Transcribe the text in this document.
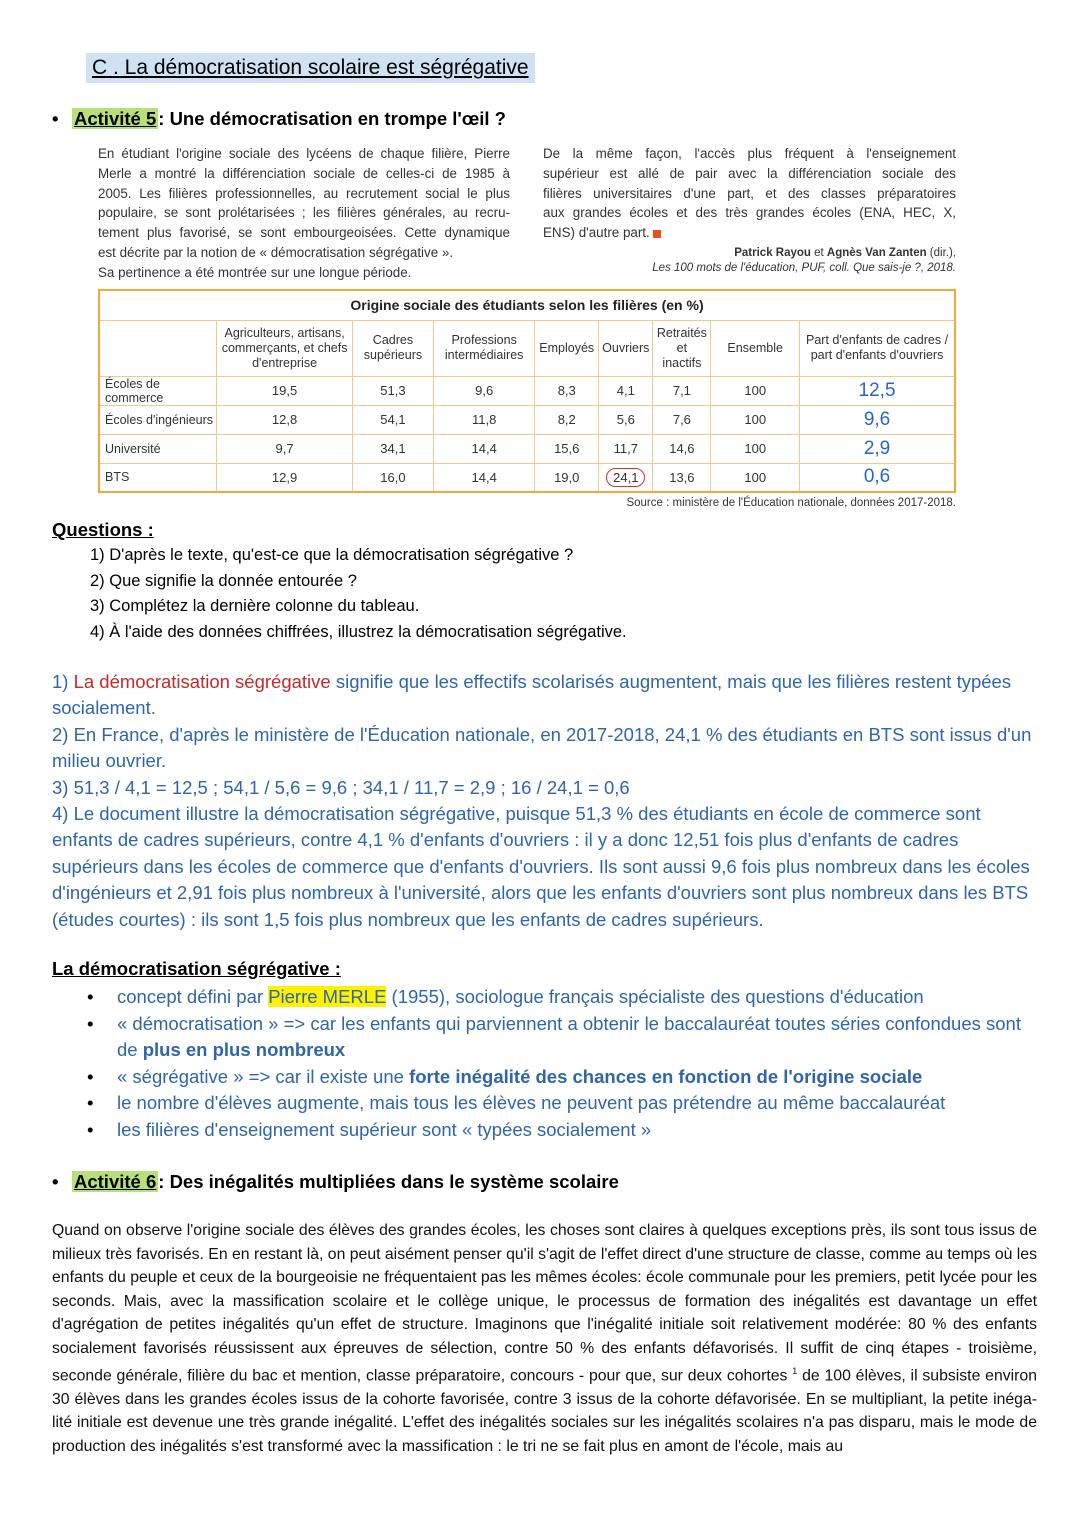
C . La démocratisation scolaire est ségrégative
• Activité 5 : Une démocratisation en trompe l'œil ?

En étudiant l'origine sociale des lycéens de chaque filière, Pierre

Merle a montré la différenciation sociale de celles-ci de 1985 à

2005. Les filières professionnelles, au recrutement social le plus

populaire, se sont prolétarisées ; les filières générales, au recru-

tement plus favorisé, se sont embourgeoisées. Cette dynamique

est décrite par la notion de « démocratisation ségrégative ».

Sa pertinence a été montrée sur une longue période.

De la même façon, l'accès plus fréquent à l'enseignement

supérieur est allé de pair avec la différenciation sociale des

filières universitaires d'une part, et des classes préparatoires

aux grandes écoles et des très grandes écoles (ENA, HEC, X,

ENS) d'autre part.

Patrick Rayou et Agnès Van Zanten (dir.),
Les 100 mots de l'éducation, PUF, coll. Que sais-je ?, 2018.
Origine sociale des étudiants selon les filières (en %)								
	Agriculteurs, artisans, commerçants, et chefs d'entreprise	Cadres supérieurs	Professions intermédiaires	Employés	Ouvriers	Retraités et inactifs	Ensemble	Part d'enfants de cadres / part d'enfants d'ouvriers
Écoles de commerce	19,5	51,3	9,6	8,3	4,1	7,1	100	12,5
Écoles d'ingénieurs	12,8	54,1	11,8	8,2	5,6	7,6	100	9,6
Université	9,7	34,1	14,4	15,6	11,7	14,6	100	2,9
BTS	12,9	16,0	14,4	19,0	24,1	13,6	100	0,6
Source : ministère de l'Éducation nationale, données 2017-2018.
Questions :
1) D'après le texte, qu'est-ce que la démocratisation ségrégative ?
2) Que signifie la donnée entourée ?
3) Complétez la dernière colonne du tableau.
4) À l'aide des données chiffrées, illustrez la démocratisation ségrégative.

1) La démocratisation ségrégative signifie que les effectifs scolarisés augmentent, mais que les filières restent typées socialement.

2) En France, d'après le ministère de l'Éducation nationale, en 2017-2018, 24,1 % des étudiants en BTS sont issus d'un milieu ouvrier.

3) 51,3 / 4,1 = 12,5 ; 54,1 / 5,6 = 9,6 ; 34,1 / 11,7 = 2,9 ; 16 / 24,1 = 0,6

4) Le document illustre la démocratisation ségrégative, puisque 51,3 % des étudiants en école de commerce sont enfants de cadres supérieurs, contre 4,1 % d'enfants d'ouvriers : il y a donc 12,51 fois plus d'enfants de cadres supérieurs dans les écoles de commerce que d'enfants d'ouvriers. Ils sont aussi 9,6 fois plus nombreux dans les écoles d'ingénieurs et 2,91 fois plus nombreux à l'université, alors que les enfants d'ouvriers sont plus nombreux dans les BTS (études courtes) : ils sont 1,5 fois plus nombreux que les enfants de cadres supérieurs.

La démocratisation ségrégative :
• concept défini par Pierre MERLE (1955), sociologue français spécialiste des questions d'éducation
• « démocratisation » => car les enfants qui parviennent a obtenir le baccalauréat toutes séries confondues sont de plus en plus nombreux
• « ségrégative » => car il existe une forte inégalité des chances en fonction de l'origine sociale
• le nombre d'élèves augmente, mais tous les élèves ne peuvent pas prétendre au même baccalauréat
• les filières d'enseignement supérieur sont « typées socialement »
• Activité 6 : Des inégalités multipliées dans le système scolaire
Quand on observe l'origine sociale des élèves des grandes écoles, les choses sont claires à quelques exceptions près, ils sont tous issus de milieux très favorisés. En en restant là, on peut aisément penser qu'il s'agit de l'effet direct d'une structure de classe, comme au temps où les enfants du peuple et ceux de la bourgeoisie ne fréquentaient pas les mêmes écoles: école communale pour les premiers, petit lycée pour les seconds. Mais, avec la massification scolaire et le collège unique, le processus de formation des inégalités est davantage un effet d'agrégation de petites inégalités qu'un effet de structure. Imaginons que l'inégalité initiale soit relativement modérée: 80 % des enfants socialement favorisés réussissent aux épreuves de sélection, contre 50 % des enfants défavorisés. Il suffit de cinq étapes - troisième, seconde générale, filière du bac et mention, classe préparatoire, concours - pour que, sur deux cohortes $^1$ de 100 élèves, il subsiste environ 30 élèves dans les grandes écoles issus de la cohorte favorisée, contre 3 issus de la cohorte défavorisée. En se multipliant, la petite inéga- lité initiale est devenue une très grande inégalité. L'effet des inégalités sociales sur les inégalités scolaires n'a pas disparu, mais le mode de production des inégalités s'est transformé avec la massification : le tri ne se fait plus en amont de l'école, mais au
